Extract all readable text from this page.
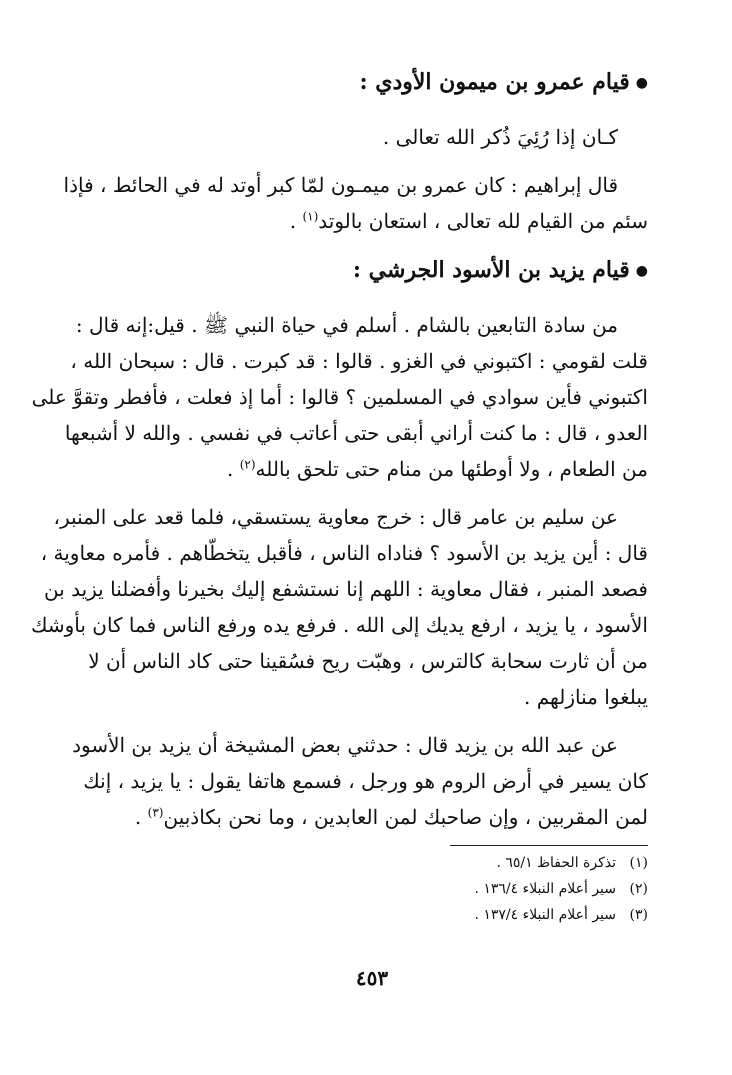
●قيام عمرو بن ميمون الأودي :
كـان إذا رُئِيَ ذُكر الله تعالى .
قال إبراهيم : كان عمرو بن ميمـون لمّا كبر أوتد له في الحائط ، فإذا
سئم من القيام لله تعالى ، استعان بالوتد$^{(١)}$ .
●قيام يزيد بن الأسود الجرشي :
من سادة التابعين بالشام . أسلم في حياة النبي ﷺ . قيل:إنه قال :
قلت لقومي : اكتبوني في الغزو . قالوا : قد كبرت . قال : سبحان الله ،
اكتبوني فأين سوادي في المسلمين ؟ قالوا : أما إذ فعلت ، فأفطر وتقوَّ على
العدو ، قال : ما كنت أراني أبقى حتى أعاتب في نفسي . والله لا أشبعها
من الطعام ، ولا أوطئها من منام حتى تلحق بالله$^{(٢)}$ .
عن سليم بن عامر قال : خرج معاوية يستسقي، فلما قعد على المنبر،
قال : أين يزيد بن الأسود ؟ فناداه الناس ، فأقبل يتخطّاهم . فأمره معاوية ،
فصعد المنبر ، فقال معاوية : اللهم إنا نستشفع إليك بخيرنا وأفضلنا يزيد بن
الأسود ، يا يزيد ، ارفع يديك إلى الله . فرفع يده ورفع الناس فما كان بأوشك
من أن ثارت سحابة كالترس ، وهبّت ريح فسُقينا حتى كاد الناس أن لا
يبلغوا منازلهم .
عن عبد الله بن يزيد قال : حدثني بعض المشيخة أن يزيد بن الأسود
كان يسير في أرض الروم هو ورجل ، فسمع هاتفا يقول : يا يزيد ، إنك
لمن المقربين ، وإن صاحبك لمن العابدين ، وما نحن بكاذبين$^{(٣)}$ .
(١)تذكرة الحفاظ ٦٥/١ .
(٢)سير أعلام النبلاء ١٣٦/٤ .
(٣)سير أعلام النبلاء ١٣٧/٤ .
٤٥٣
